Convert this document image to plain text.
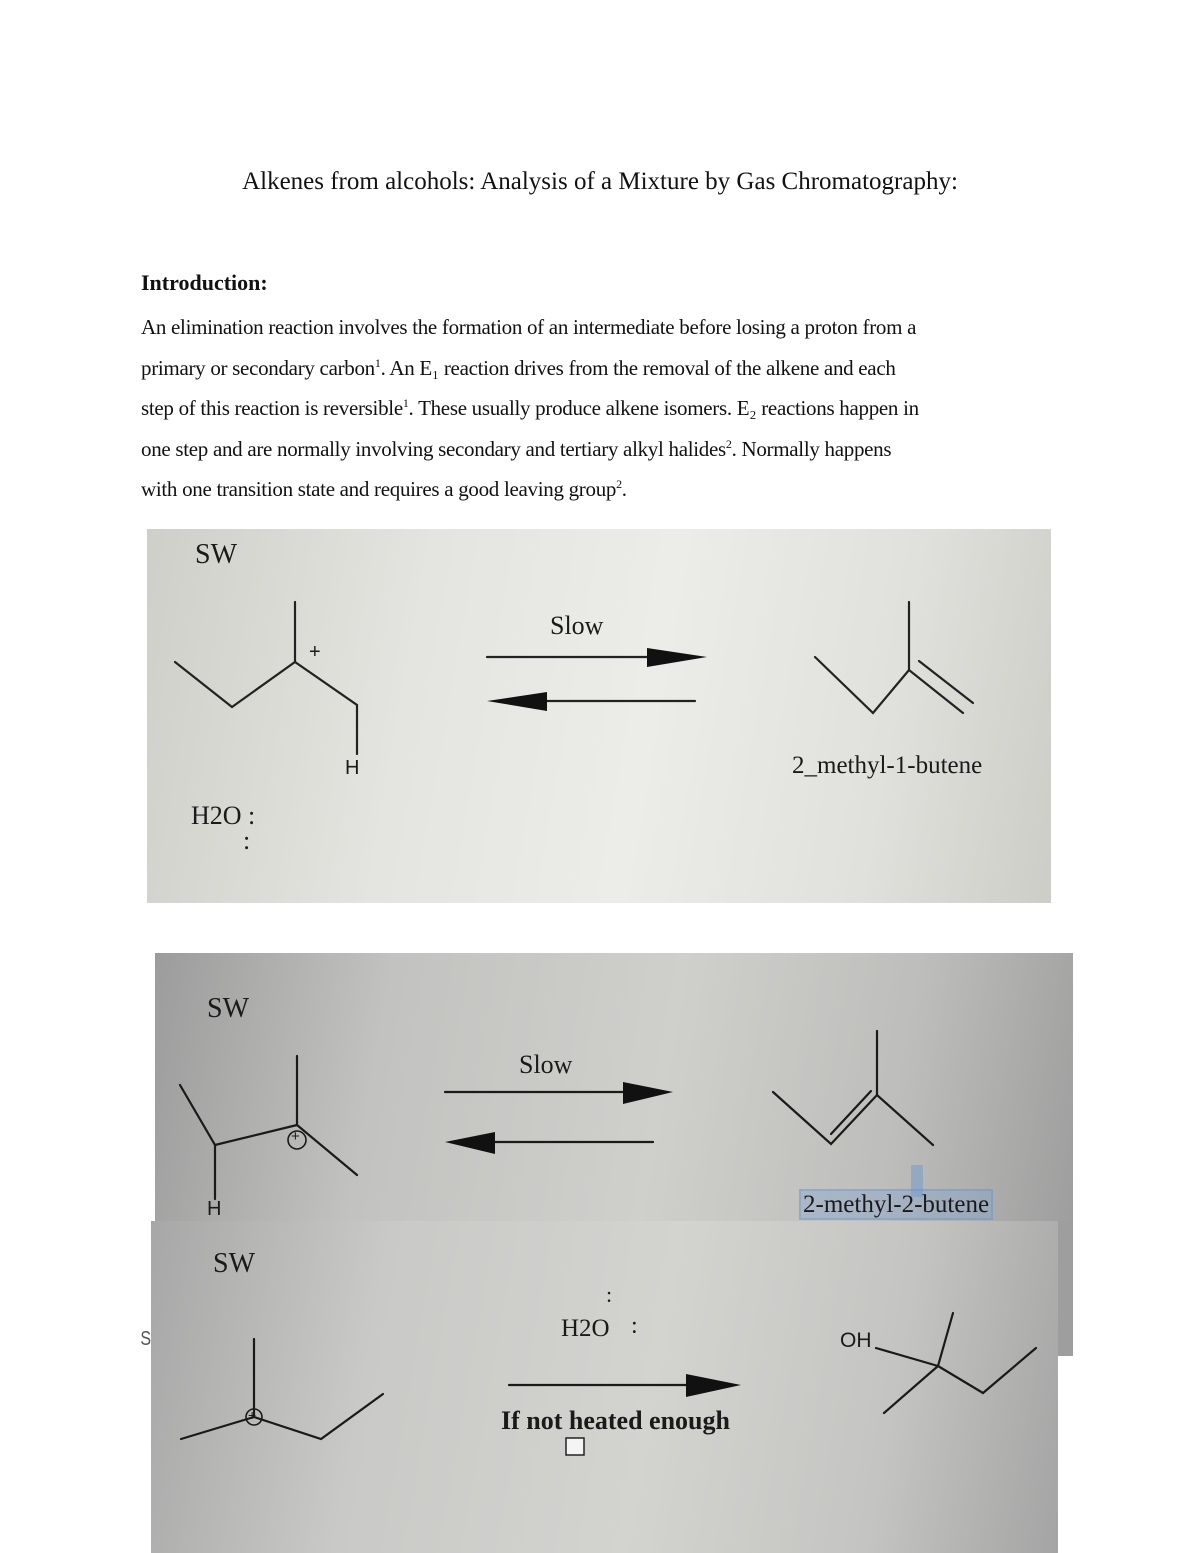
Alkenes from alcohols: Analysis of a Mixture by Gas Chromatography:
Introduction:

An elimination reaction involves the formation of an intermediate before losing a proton from a

primary or secondary carbon$^1$. An E₁ reaction drives from the removal of the alkene and each

step of this reaction is reversible$^1$. These usually produce alkene isomers. E₂ reactions happen in

one step and are normally involving secondary and tertiary alkyl halides$^2$. Normally happens

with one transition state and requires a good leaving group$^2$.

SW
+
H
H2O :
:
Slow
2_methyl-1-butene
SW
+
H
Slow
2-methyl-2-butene
SW
+
:
H2O :
If not heated enough
OH
S
